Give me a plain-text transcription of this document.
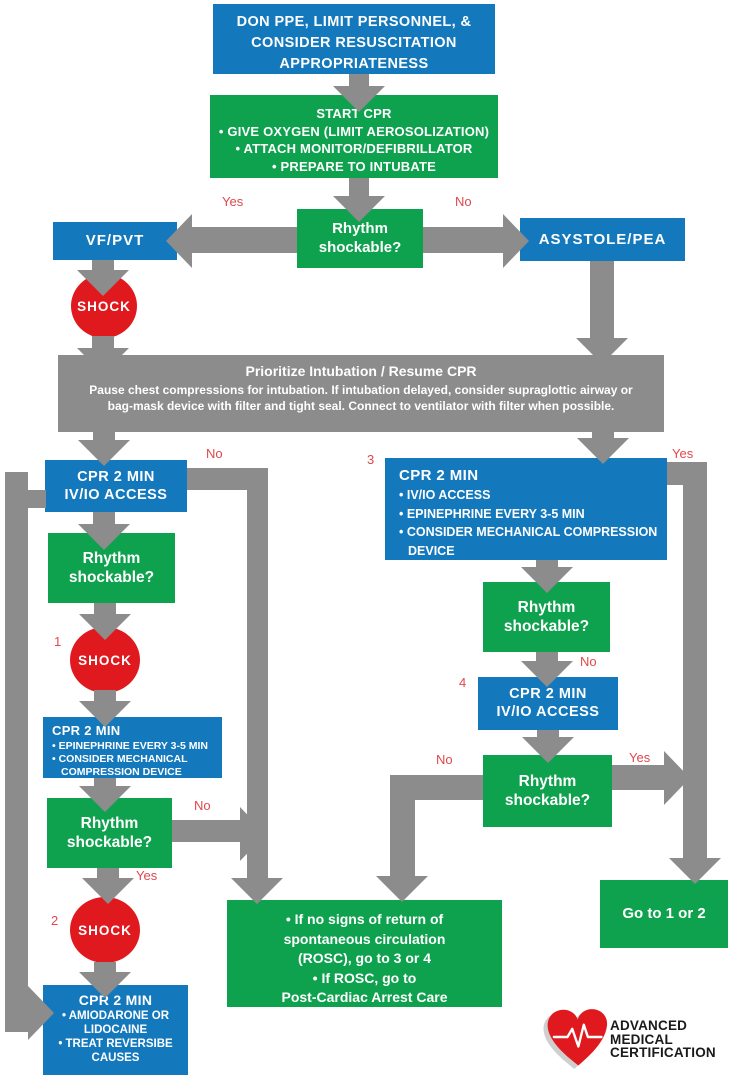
DON PPE, LIMIT PERSONNEL, &
CONSIDER RESUSCITATION
APPROPRIATENESS
START CPR
• GIVE OXYGEN (LIMIT AEROSOLIZATION)
• ATTACH MONITOR/DEFIBRILLATOR
• PREPARE TO INTUBATE
Rhythm
shockable?
VF/PVT	ASYSTOLE/PEA
SHOCK
Prioritize Intubation / Resume CPR
Pause chest compressions for intubation. If intubation delayed, consider supraglottic airway or
bag-mask device with filter and tight seal. Connect to ventilator with filter when possible.
CPR 2 MIN
IV/IO ACCESS
Rhythm
shockable?
SHOCK
CPR 2 MIN
• EPINEPHRINE EVERY 3-5 MIN
• CONSIDER MECHANICAL
COMPRESSION DEVICE
Rhythm
shockable?
SHOCK
CPR 2 MIN
• AMIODARONE OR
LIDOCAINE
• TREAT REVERSIBE
CAUSES
CPR 2 MIN
• IV/IO ACCESS
• EPINEPHRINE EVERY 3-5 MIN
• CONSIDER MECHANICAL COMPRESSION
DEVICE
Rhythm
shockable?
CPR 2 MIN
IV/IO ACCESS
Rhythm
shockable?
Go to 1 or 2
• If no signs of return of
spontaneous circulation
(ROSC), go to 3 or 4
• If ROSC, go to
Post-Cardiac Arrest Care
Yes	No
No
1
No
Yes
2
3	Yes
No
4
No	Yes
ADVANCED
MEDICAL
CERTIFICATION
